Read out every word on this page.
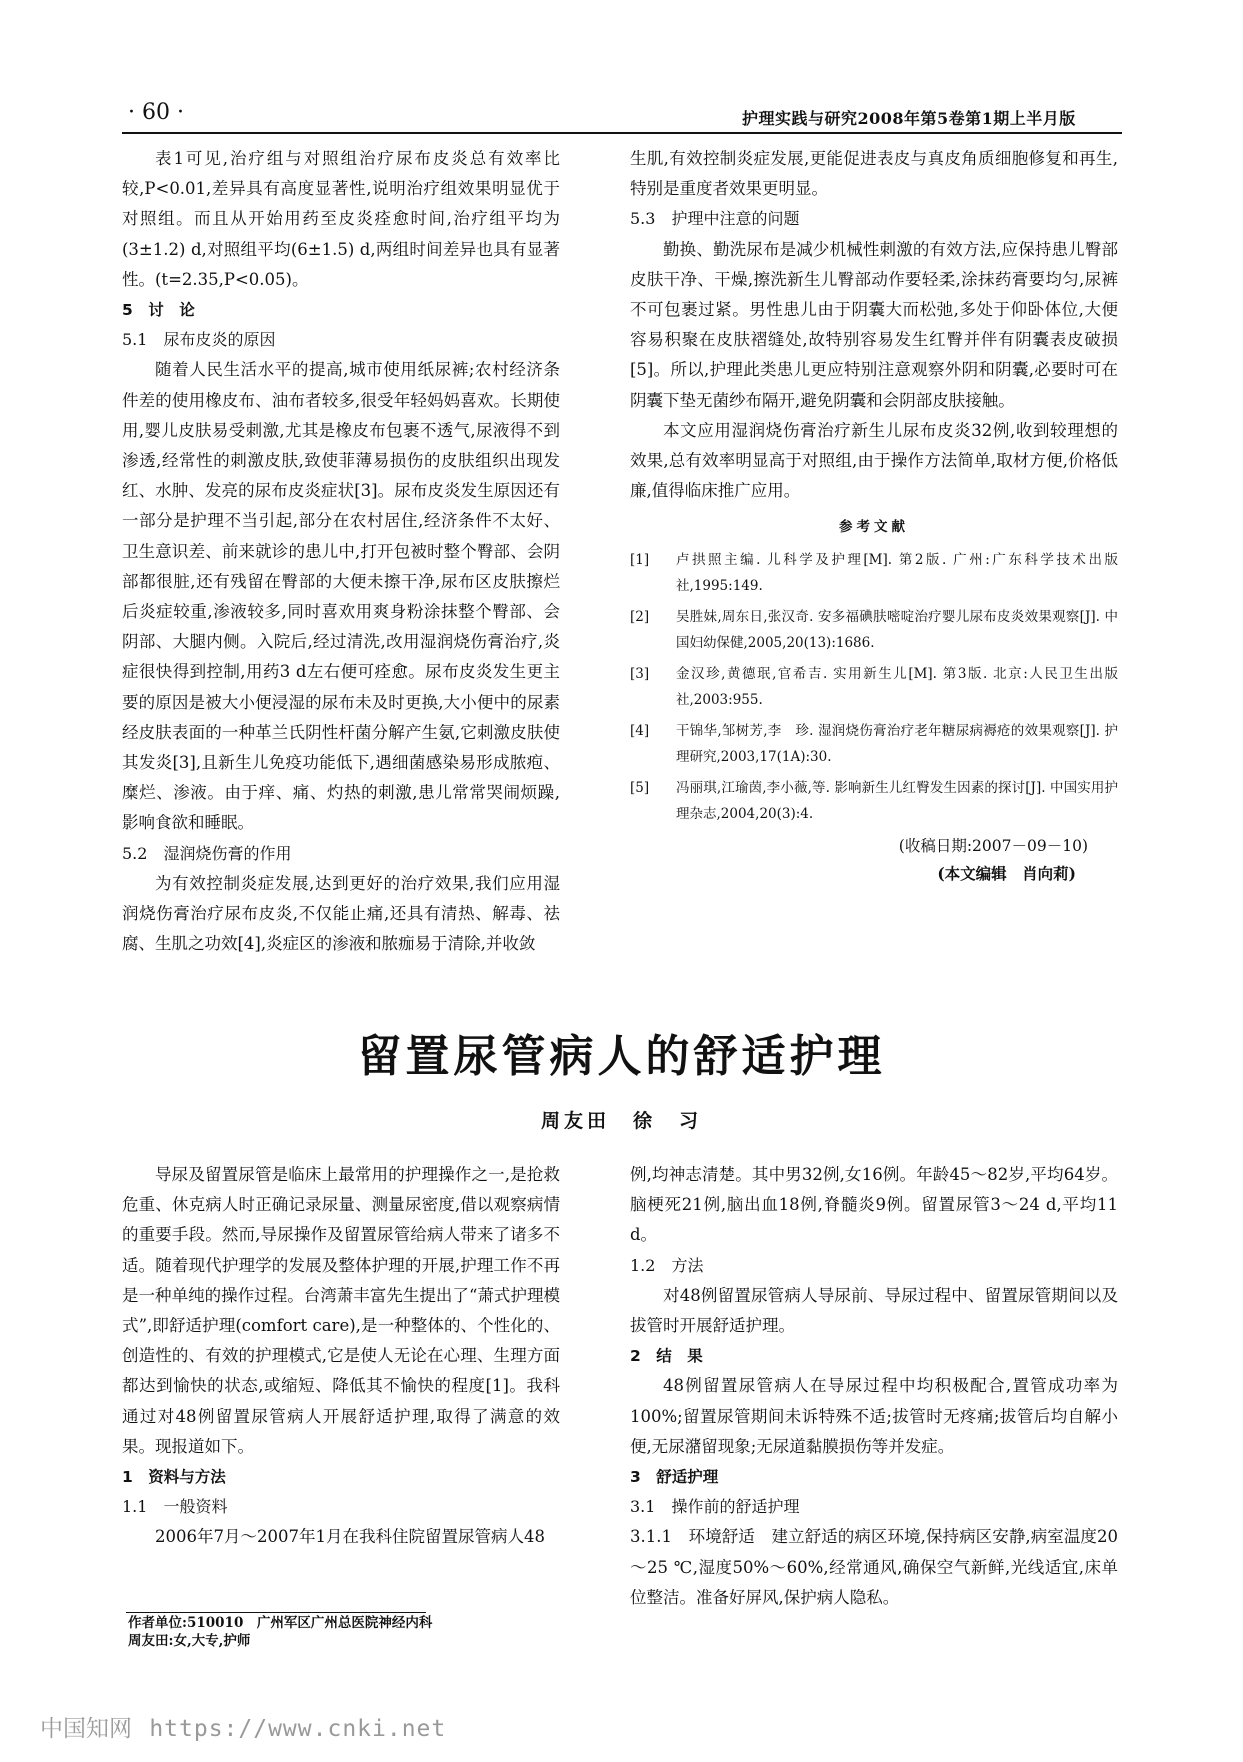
· 60 ·	护理实践与研究2008年第5卷第1期上半月版

表1可见,治疗组与对照组治疗尿布皮炎总有效率比较,P<0.01,差异具有高度显著性,说明治疗组效果明显优于对照组。而且从开始用药至皮炎痊愈时间,治疗组平均为(3±1.2) d,对照组平均(6±1.5) d,两组时间差异也具有显著性。(t=2.35,P<0.05)。

5　讨　论

5.1　尿布皮炎的原因

随着人民生活水平的提高,城市使用纸尿裤;农村经济条件差的使用橡皮布、油布者较多,很受年轻妈妈喜欢。长期使用,婴儿皮肤易受刺激,尤其是橡皮布包裹不透气,尿液得不到渗透,经常性的刺激皮肤,致使菲薄易损伤的皮肤组织出现发红、水肿、发亮的尿布皮炎症状[3]。尿布皮炎发生原因还有一部分是护理不当引起,部分在农村居住,经济条件不太好、卫生意识差、前来就诊的患儿中,打开包被时整个臀部、会阴部都很脏,还有残留在臀部的大便未擦干净,尿布区皮肤擦烂后炎症较重,渗液较多,同时喜欢用爽身粉涂抹整个臀部、会阴部、大腿内侧。入院后,经过清洗,改用湿润烧伤膏治疗,炎症很快得到控制,用药3 d左右便可痊愈。尿布皮炎发生更主要的原因是被大小便浸湿的尿布未及时更换,大小便中的尿素经皮肤表面的一种革兰氏阴性杆菌分解产生氨,它刺激皮肤使其发炎[3],且新生儿免疫功能低下,遇细菌感染易形成脓疱、糜烂、渗液。由于痒、痛、灼热的刺激,患儿常常哭闹烦躁,影响食欲和睡眠。

5.2　湿润烧伤膏的作用

为有效控制炎症发展,达到更好的治疗效果,我们应用湿润烧伤膏治疗尿布皮炎,不仅能止痛,还具有清热、解毒、祛腐、生肌之功效[4],炎症区的渗液和脓痂易于清除,并收敛

生肌,有效控制炎症发展,更能促进表皮与真皮角质细胞修复和再生,特别是重度者效果更明显。

5.3　护理中注意的问题

勤换、勤洗尿布是减少机械性刺激的有效方法,应保持患儿臀部皮肤干净、干燥,擦洗新生儿臀部动作要轻柔,涂抹药膏要均匀,尿裤不可包裹过紧。男性患儿由于阴囊大而松弛,多处于仰卧体位,大便容易积聚在皮肤褶缝处,故特别容易发生红臀并伴有阴囊表皮破损[5]。所以,护理此类患儿更应特别注意观察外阴和阴囊,必要时可在阴囊下垫无菌纱布隔开,避免阴囊和会阴部皮肤接触。

本文应用湿润烧伤膏治疗新生儿尿布皮炎32例,收到较理想的效果,总有效率明显高于对照组,由于操作方法简单,取材方便,价格低廉,值得临床推广应用。

参考文献
[1]	卢拱照主编. 儿科学及护理[M]. 第2版. 广州:广东科学技术出版社,1995:149.
[2]	吴胜妹,周东日,张汉奇. 安多福碘肤嘧啶治疗婴儿尿布皮炎效果观察[J]. 中国妇幼保健,2005,20(13):1686.
[3]	金汉珍,黄德珉,官希吉. 实用新生儿[M]. 第3版. 北京:人民卫生出版社,2003:955.
[4]	干锦华,邹树芳,李　珍. 湿润烧伤膏治疗老年糖尿病褥疮的效果观察[J]. 护理研究,2003,17(1A):30.
[5]	冯丽琪,江瑜茵,李小薇,等. 影响新生儿红臀发生因素的探讨[J]. 中国实用护理杂志,2004,20(3):4.
(收稿日期:2007－09－10)
(本文编辑　肖向莉)
留置尿管病人的舒适护理
周友田　徐　习

导尿及留置尿管是临床上最常用的护理操作之一,是抢救危重、休克病人时正确记录尿量、测量尿密度,借以观察病情的重要手段。然而,导尿操作及留置尿管给病人带来了诸多不适。随着现代护理学的发展及整体护理的开展,护理工作不再是一种单纯的操作过程。台湾萧丰富先生提出了“萧式护理模式”,即舒适护理(comfort care),是一种整体的、个性化的、创造性的、有效的护理模式,它是使人无论在心理、生理方面都达到愉快的状态,或缩短、降低其不愉快的程度[1]。我科通过对48例留置尿管病人开展舒适护理,取得了满意的效果。现报道如下。

1　资料与方法

1.1　一般资料

2006年7月～2007年1月在我科住院留置尿管病人48

例,均神志清楚。其中男32例,女16例。年龄45～82岁,平均64岁。脑梗死21例,脑出血18例,脊髓炎9例。留置尿管3～24 d,平均11 d。

1.2　方法

对48例留置尿管病人导尿前、导尿过程中、留置尿管期间以及拔管时开展舒适护理。

2　结　果

48例留置尿管病人在导尿过程中均积极配合,置管成功率为100%;留置尿管期间未诉特殊不适;拔管时无疼痛;拔管后均自解小便,无尿潴留现象;无尿道黏膜损伤等并发症。

3　舒适护理

3.1　操作前的舒适护理

3.1.1　环境舒适　建立舒适的病区环境,保持病区安静,病室温度20～25 ℃,湿度50%～60%,经常通风,确保空气新鲜,光线适宜,床单位整洁。准备好屏风,保护病人隐私。

作者单位:510010　广州军区广州总医院神经内科
周友田:女,大专,护师
中国知网 https://www.cnki.net
